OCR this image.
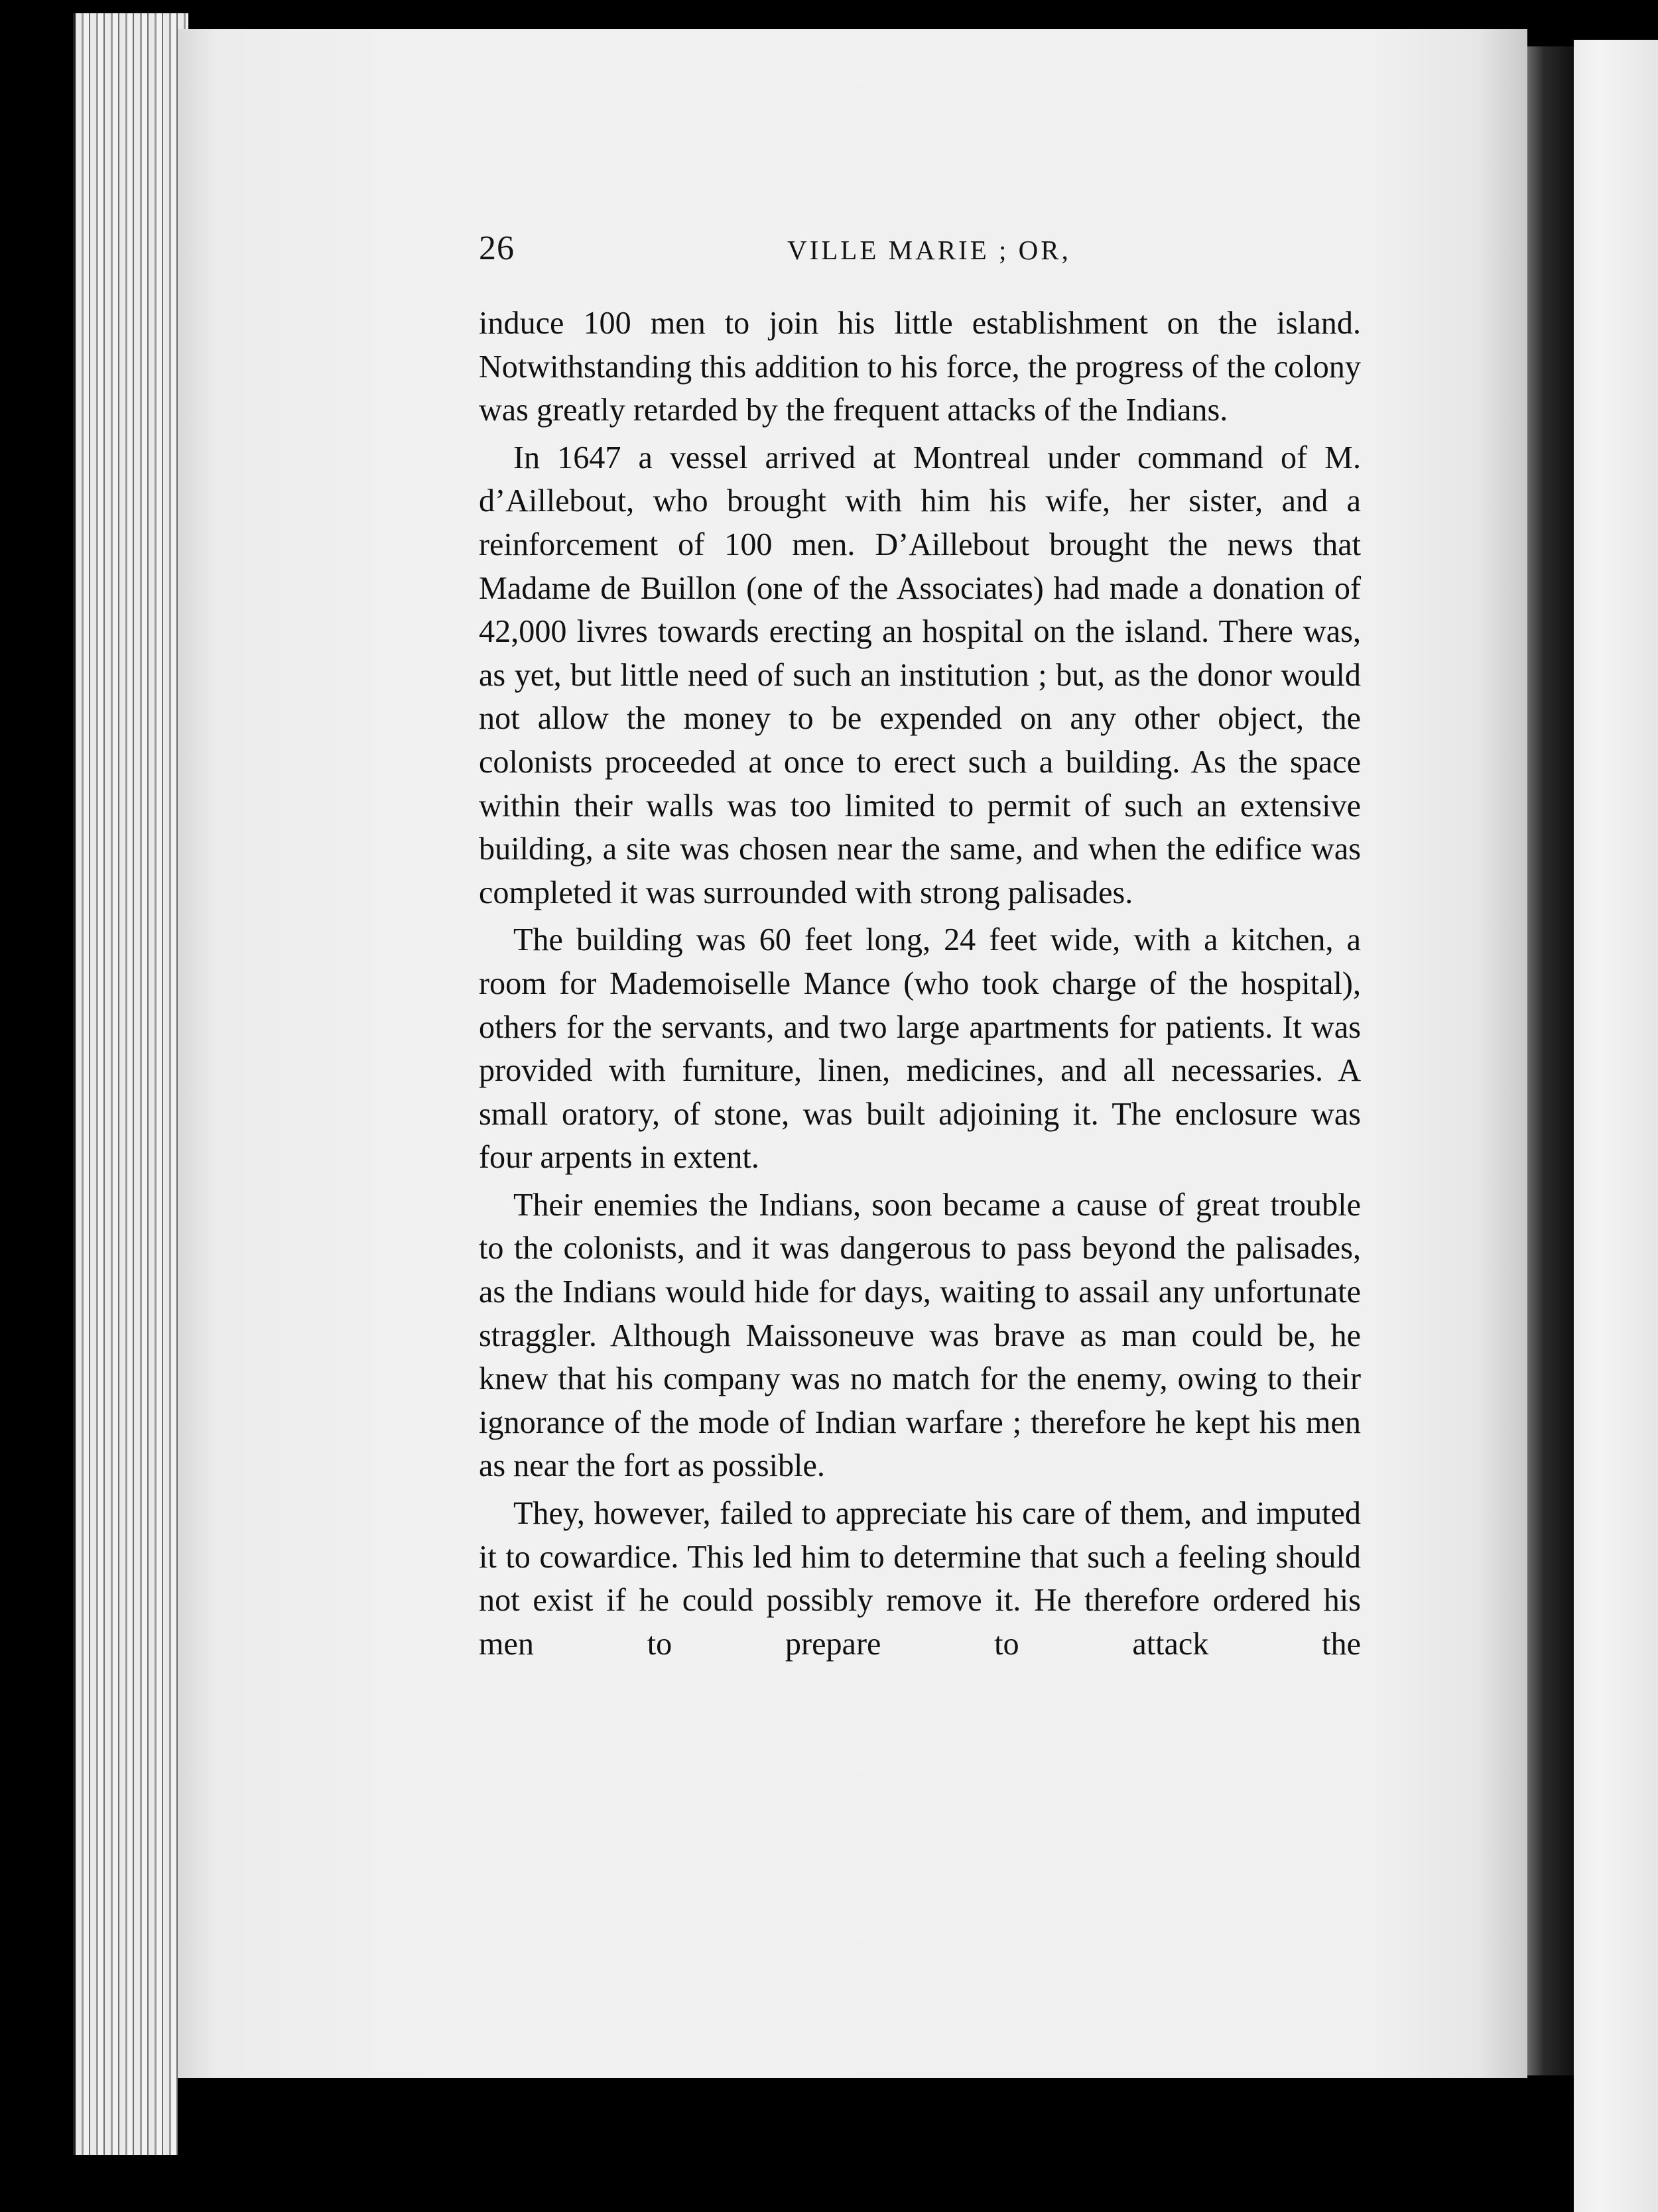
26	VILLE MARIE ; OR,

induce 100 men to join his little establishment on the island. Notwithstanding this addition to his force, the progress of the colony was greatly retarded by the frequent attacks of the Indians.

In 1647 a vessel arrived at Montreal under command of M. d’Aillebout, who brought with him his wife, her sister, and a reinforcement of 100 men. D’Aillebout brought the news that Madame de Buillon (one of the Associates) had made a donation of 42,000 livres towards erecting an hospital on the island. There was, as yet, but little need of such an institution ; but, as the donor would not allow the money to be expended on any other object, the colonists proceeded at once to erect such a building. As the space within their walls was too limited to permit of such an extensive building, a site was chosen near the same, and when the edifice was completed it was surrounded with strong palisades.

The building was 60 feet long, 24 feet wide, with a kitchen, a room for Mademoiselle Mance (who took charge of the hospital), others for the servants, and two large apartments for patients. It was provided with furniture, linen, medicines, and all necessaries. A small oratory, of stone, was built adjoining it. The enclosure was four arpents in extent.

Their enemies the Indians, soon became a cause of great trouble to the colonists, and it was dangerous to pass beyond the palisades, as the Indians would hide for days, waiting to assail any unfortunate straggler. Although Maissoneuve was brave as man could be, he knew that his company was no match for the enemy, owing to their ignorance of the mode of Indian warfare ; therefore he kept his men as near the fort as possible.

They, however, failed to appreciate his care of them, and imputed it to cowardice. This led him to determine that such a feeling should not exist if he could possibly remove it. He therefore ordered his men to prepare to attack the
